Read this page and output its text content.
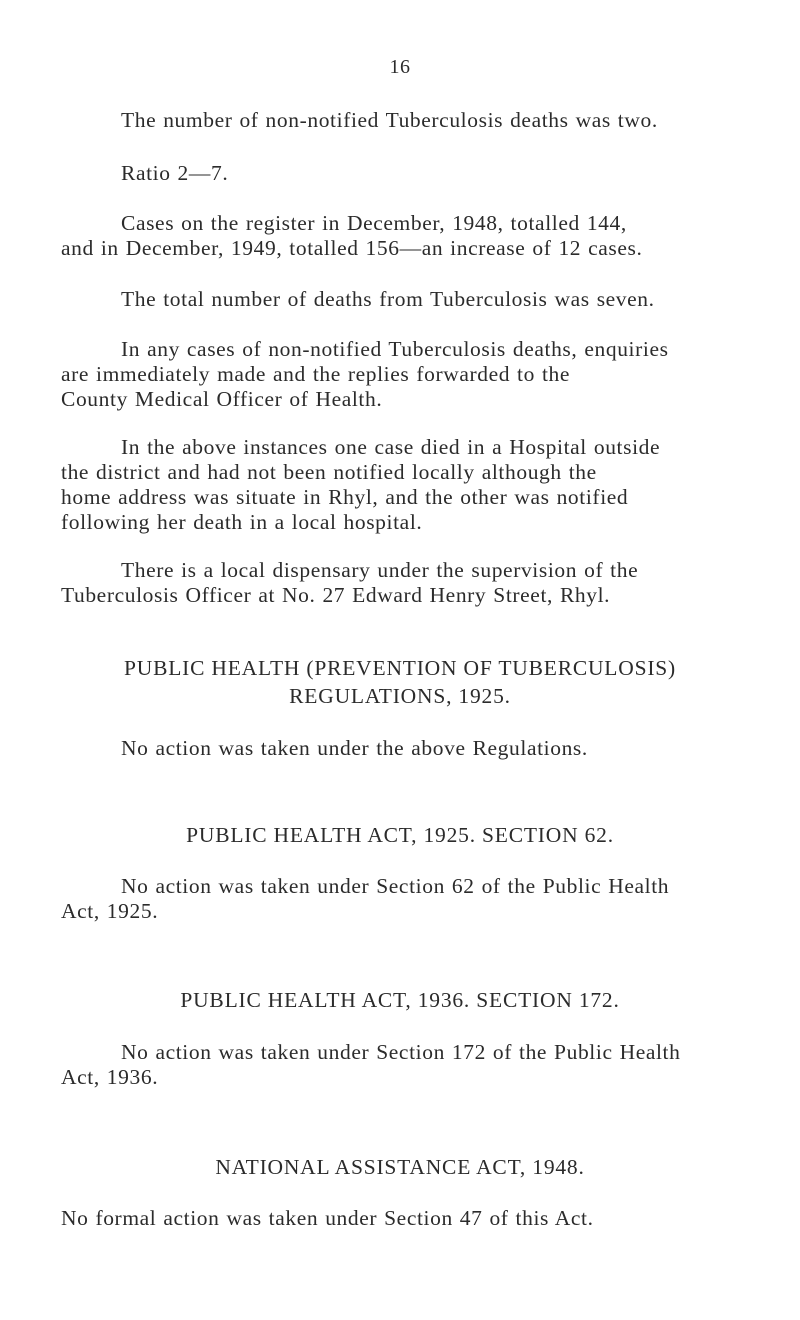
16

The number of non-notified Tuberculosis deaths was two.

Ratio 2—7.

Cases on the register in December, 1948, totalled 144,
and in December, 1949, totalled 156—an increase of 12 cases.

The total number of deaths from Tuberculosis was seven.

In any cases of non-notified Tuberculosis deaths, enquiries
are immediately made and the replies forwarded to the
County Medical Officer of Health.

In the above instances one case died in a Hospital outside
the district and had not been notified locally although the
home address was situate in Rhyl, and the other was notified
following her death in a local hospital.

There is a local dispensary under the supervision of the
Tuberculosis Officer at No. 27 Edward Henry Street, Rhyl.

PUBLIC HEALTH (PREVENTION OF TUBERCULOSIS)
REGULATIONS, 1925.

No action was taken under the above Regulations.

PUBLIC HEALTH ACT, 1925. SECTION 62.

No action was taken under Section 62 of the Public Health
Act, 1925.

PUBLIC HEALTH ACT, 1936. SECTION 172.

No action was taken under Section 172 of the Public Health
Act, 1936.

NATIONAL ASSISTANCE ACT, 1948.

No formal action was taken under Section 47 of this Act.
